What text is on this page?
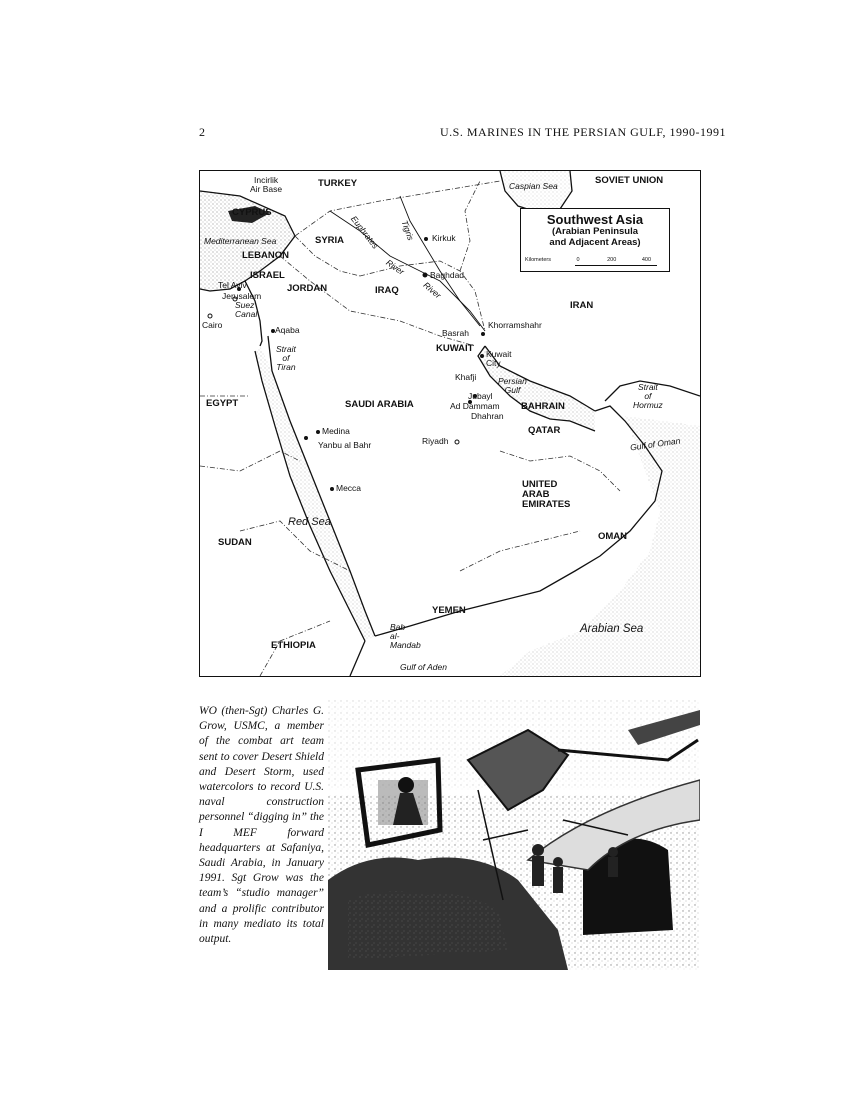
2	U.S. MARINES IN THE PERSIAN GULF, 1990-1991
Southwest Asia
(Arabian Peninsula
and Adjacent Areas)
Kilometers	0	200	400
Incirlik
Air Base	TURKEY	Caspian Sea	SOVIET UNION
CYPRUS
Mediterranean Sea	SYRIA
LEBANON
Euphrates Tigris Kirkuk
River	Baghdad
ISRAEL
Tel Aviv
Jerusalem
JORDAN	IRAQ	River
Suez
Canal
Cairo	Aqaba
IRAN
Basrah
Khorramshahr
Strait
of
Tiran
KUWAIT Kuwait
City
Khafji	Persian
Gulf
Jubayl
Ad Dammam
Dhahran
BAHRAIN
QATAR
EGYPT	SAUDI ARABIA
Strait
of
Hormuz
Medina
Yanbu al Bahr	Riyadh	Gulf of Oman
Mecca	UNITED
ARAB
EMIRATES
Red Sea
SUDAN
OMAN
YEMEN
Bab
al-
Mandab
Arabian Sea
ETHIOPIA
Gulf of Aden
WO (then-Sgt) Charles G. Grow, USMC, a member of the combat art team sent to cover Desert Shield and Desert Storm, used watercolors to record U.S. naval construction personnel “digging in” the I MEF forward headquarters at Safaniya, Saudi Arabia, in January 1991. Sgt Grow was the team’s “studio manager” and a prolific contributor in many mediato its total output.
